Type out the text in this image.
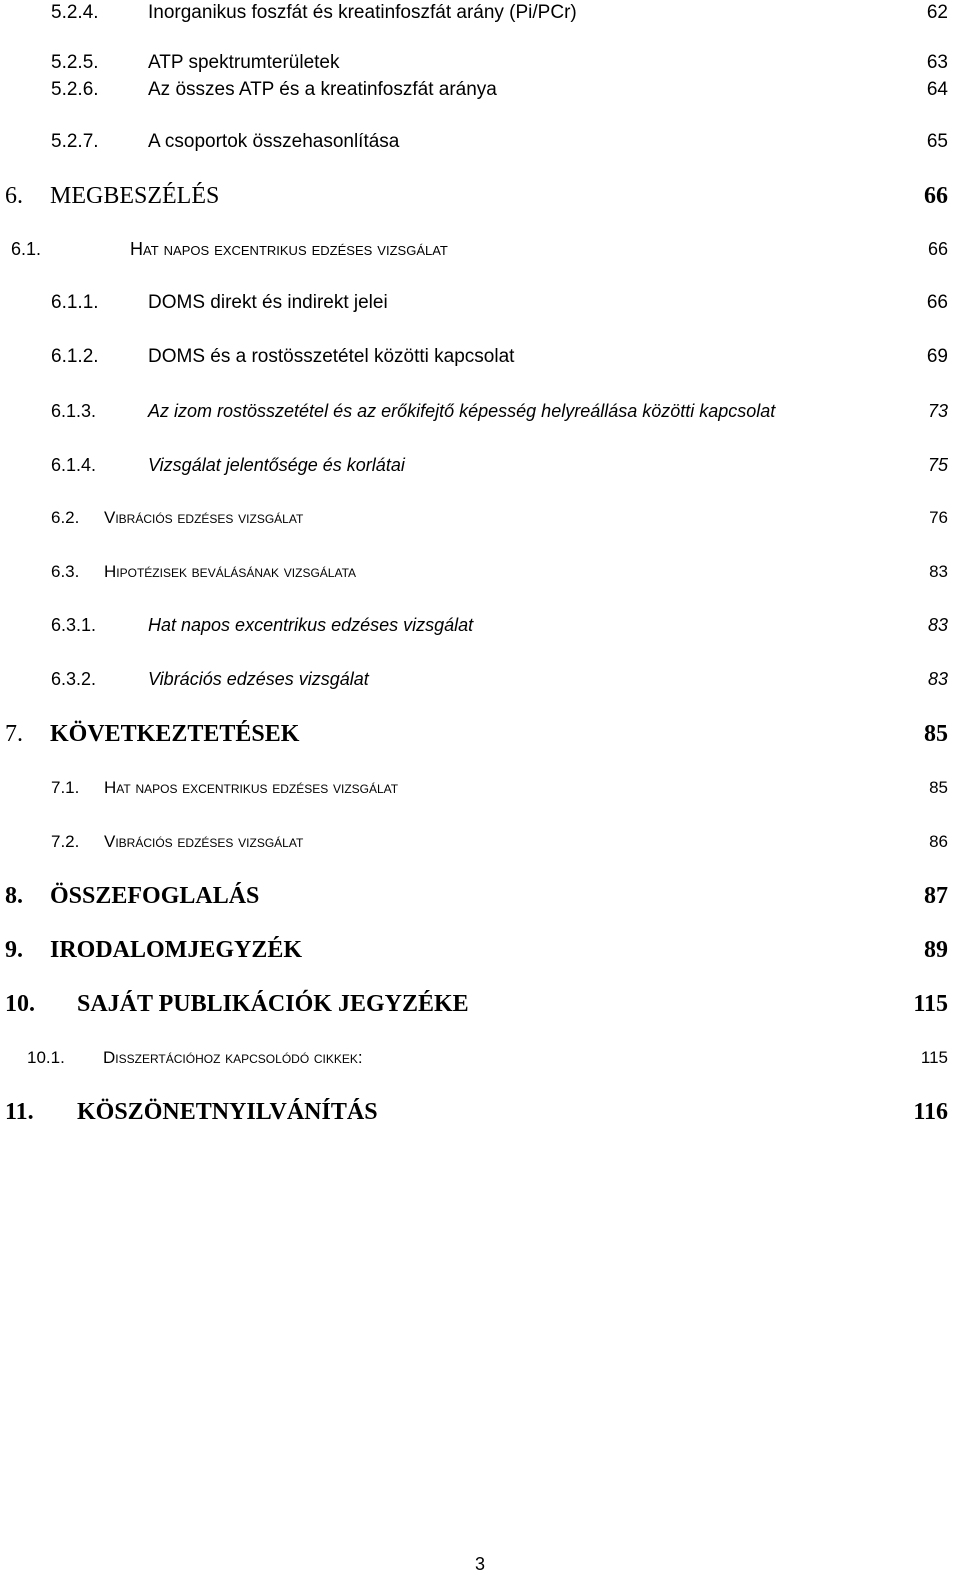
5.2.4.	Inorganikus foszfát és kreatinfoszfát arány (Pi/PCr)	62
5.2.5.	ATP spektrumterületek	63
5.2.6.	Az összes ATP és a kreatinfoszfát aránya	64
5.2.7.	A csoportok összehasonlítása	65
6.	MEGBESZÉLÉS	66
6.1.	Hat napos excentrikus edzéses vizsgálat	66
6.1.1.	DOMS direkt és indirekt jelei	66
6.1.2.	DOMS és a rostösszetétel közötti kapcsolat	69
6.1.3.	Az izom rostösszetétel és az erőkifejtő képesség helyreállása közötti kapcsolat	73
6.1.4.	Vizsgálat jelentősége és korlátai	75
6.2.	Vibrációs edzéses vizsgálat	76
6.3.	Hipotézisek beválásának vizsgálata	83
6.3.1.	Hat napos excentrikus edzéses vizsgálat	83
6.3.2.	Vibrációs edzéses vizsgálat	83
7.	KÖVETKEZTETÉSEK	85
7.1.	Hat napos excentrikus edzéses vizsgálat	85
7.2.	Vibrációs edzéses vizsgálat	86
8.	ÖSSZEFOGLALÁS	87
9.	IRODALOMJEGYZÉK	89
10.	SAJÁT PUBLIKÁCIÓK JEGYZÉKE	115
10.1.	Disszertációhoz kapcsolódó cikkek:	115
11.	KÖSZÖNETNYILVÁNÍTÁS	116
3
